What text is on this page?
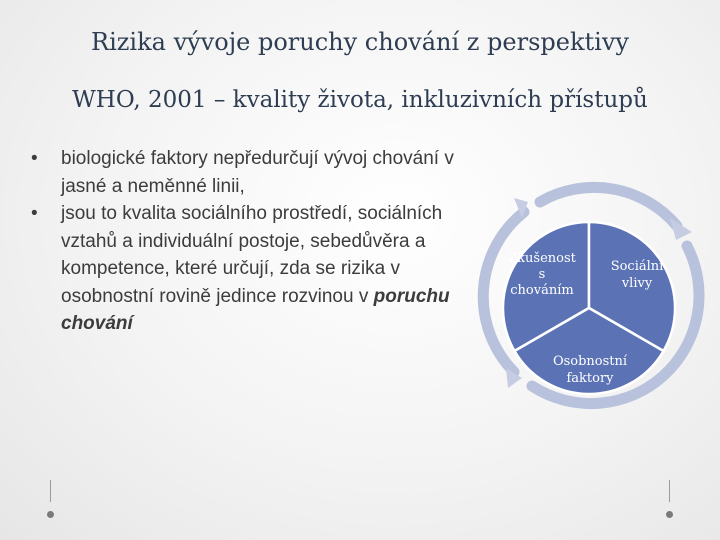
Rizika vývoje poruchy chování z perspektivy
WHO, 2001 – kvality života, inkluzivních přístupů
• biologické faktory nepředurčují vývoj chování v jasné a neměnné linii,
• jsou to kvalita sociálního prostředí, sociálních vztahů a individuální postoje, sebedůvěra a kompetence, které určují, zda se rizika v osobnostní rovině jedince rozvinou v poruchu chování
Zkušenost
s
chováním
Sociální
vlivy
Osobnostní
faktory
